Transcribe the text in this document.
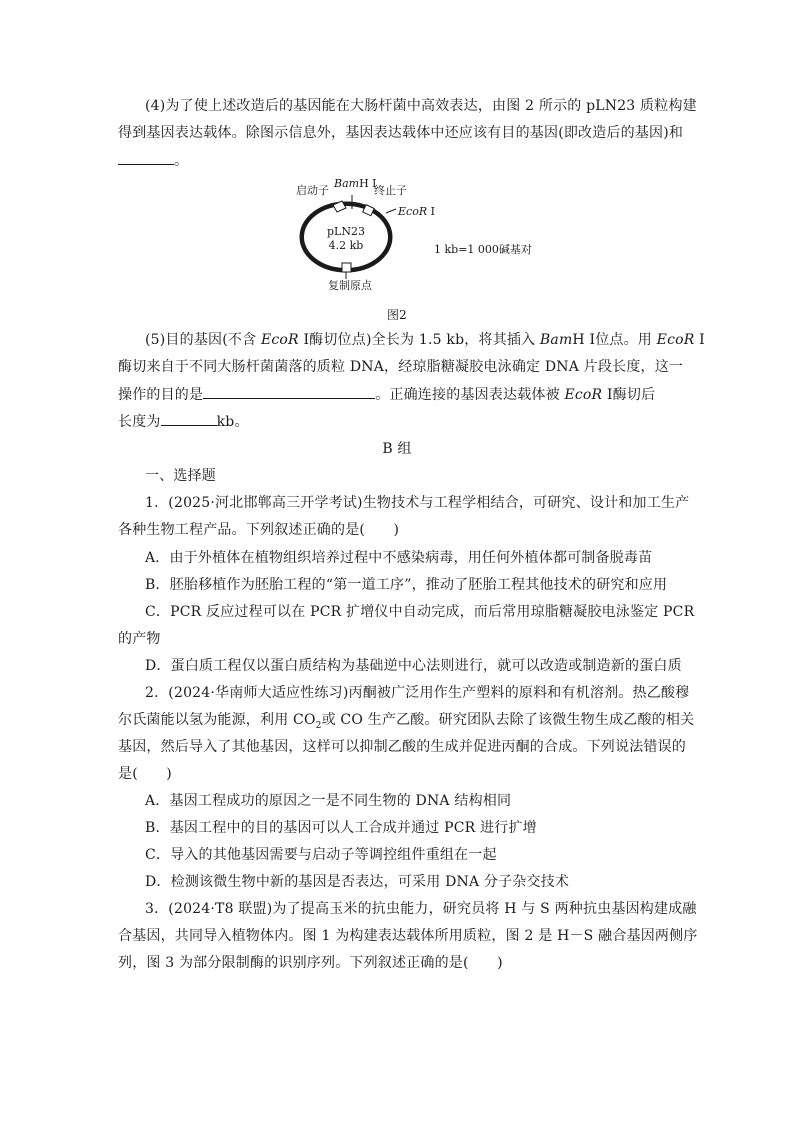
(4)为了使上述改造后的基因能在大肠杆菌中高效表达，由图 2 所示的 pLN23 质粒构建
得到基因表达载体。除图示信息外，基因表达载体中还应该有目的基因(即改造后的基因)和
。
启动子
BamH Ⅰ
终止子
EcoR Ⅰ
pLN23
4.2 kb
复制原点
1 kb=1 000碱基对
图2
(5)目的基因(不含 EcoR Ⅰ酶切位点)全长为 1.5 kb，将其插入 BamH Ⅰ位点。用 EcoR Ⅰ
酶切来自于不同大肠杆菌菌落的质粒 DNA，经琼脂糖凝胶电泳确定 DNA 片段长度，这一
操作的目的是	。正确连接的基因表达载体被 EcoR Ⅰ酶切后
长度为	kb。
B 组
一、选择题
1．(2025·河北邯郸高三开学考试)生物技术与工程学相结合，可研究、设计和加工生产
各种生物工程产品。下列叙述正确的是(　　)
A．由于外植体在植物组织培养过程中不感染病毒，用任何外植体都可制备脱毒苗
B．胚胎移植作为胚胎工程的“第一道工序”，推动了胚胎工程其他技术的研究和应用
C．PCR 反应过程可以在 PCR 扩增仪中自动完成，而后常用琼脂糖凝胶电泳鉴定 PCR
的产物
D．蛋白质工程仅以蛋白质结构为基础逆中心法则进行，就可以改造或制造新的蛋白质
2．(2024·华南师大适应性练习)丙酮被广泛用作生产塑料的原料和有机溶剂。热乙酸穆
尔氏菌能以氢为能源，利用 $CO_2$或 CO 生产乙酸。研究团队去除了该微生物生成乙酸的相关
基因，然后导入了其他基因，这样可以抑制乙酸的生成并促进丙酮的合成。下列说法错误的
是(　　)
A．基因工程成功的原因之一是不同生物的 DNA 结构相同
B．基因工程中的目的基因可以人工合成并通过 PCR 进行扩增
C．导入的其他基因需要与启动子等调控组件重组在一起
D．检测该微生物中新的基因是否表达，可采用 DNA 分子杂交技术
3．(2024·T8 联盟)为了提高玉米的抗虫能力，研究员将 H 与 S 两种抗虫基因构建成融
合基因，共同导入植物体内。图 1 为构建表达载体所用质粒，图 2 是 H－S 融合基因两侧序
列，图 3 为部分限制酶的识别序列。下列叙述正确的是(　　)
